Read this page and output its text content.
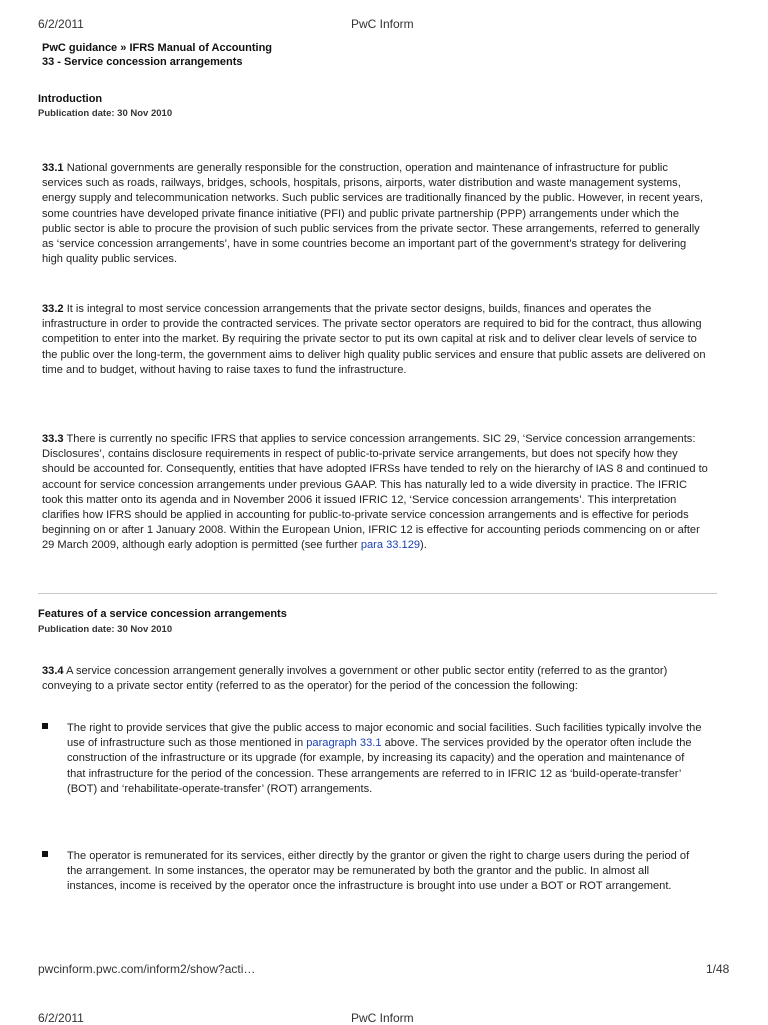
6/2/2011	PwC Inform
PwC guidance » IFRS Manual of Accounting
33 - Service concession arrangements
Introduction
Publication date: 30 Nov 2010
33.1 National governments are generally responsible for the construction, operation and maintenance of infrastructure for public services such as roads, railways, bridges, schools, hospitals, prisons, airports, water distribution and waste management systems, energy supply and telecommunication networks. Such public services are traditionally financed by the public. However, in recent years, some countries have developed private finance initiative (PFI) and public private partnership (PPP) arrangements under which the public sector is able to procure the provision of such public services from the private sector. These arrangements, referred to generally as ‘service concession arrangements’, have in some countries become an important part of the government’s strategy for delivering high quality public services.
33.2 It is integral to most service concession arrangements that the private sector designs, builds, finances and operates the infrastructure in order to provide the contracted services. The private sector operators are required to bid for the contract, thus allowing competition to enter into the market. By requiring the private sector to put its own capital at risk and to deliver clear levels of service to the public over the long-term, the government aims to deliver high quality public services and ensure that public assets are delivered on time and to budget, without having to raise taxes to fund the infrastructure.
33.3 There is currently no specific IFRS that applies to service concession arrangements. SIC 29, ‘Service concession arrangements: Disclosures’, contains disclosure requirements in respect of public-to-private service arrangements, but does not specify how they should be accounted for. Consequently, entities that have adopted IFRSs have tended to rely on the hierarchy of IAS 8 and continued to account for service concession arrangements under previous GAAP. This has naturally led to a wide diversity in practice. The IFRIC took this matter onto its agenda and in November 2006 it issued IFRIC 12, ‘Service concession arrangements’. This interpretation clarifies how IFRS should be applied in accounting for public-to-private service concession arrangements and is effective for periods beginning on or after 1 January 2008. Within the European Union, IFRIC 12 is effective for accounting periods commencing on or after 29 March 2009, although early adoption is permitted (see further para 33.129).
Features of a service concession arrangements
Publication date: 30 Nov 2010
33.4 A service concession arrangement generally involves a government or other public sector entity (referred to as the grantor) conveying to a private sector entity (referred to as the operator) for the period of the concession the following:
The right to provide services that give the public access to major economic and social facilities. Such facilities typically involve the use of infrastructure such as those mentioned in paragraph 33.1 above. The services provided by the operator often include the construction of the infrastructure or its upgrade (for example, by increasing its capacity) and the operation and maintenance of that infrastructure for the period of the concession. These arrangements are referred to in IFRIC 12 as ‘build-operate-transfer’ (BOT) and ‘rehabilitate-operate-transfer’ (ROT) arrangements.
The operator is remunerated for its services, either directly by the grantor or given the right to charge users during the period of the arrangement. In some instances, the operator may be remunerated by both the grantor and the public. In almost all instances, income is received by the operator once the infrastructure is brought into use under a BOT or ROT arrangement.
pwcinform.pwc.com/inform2/show?acti…	1/48
6/2/2011	PwC Inform
